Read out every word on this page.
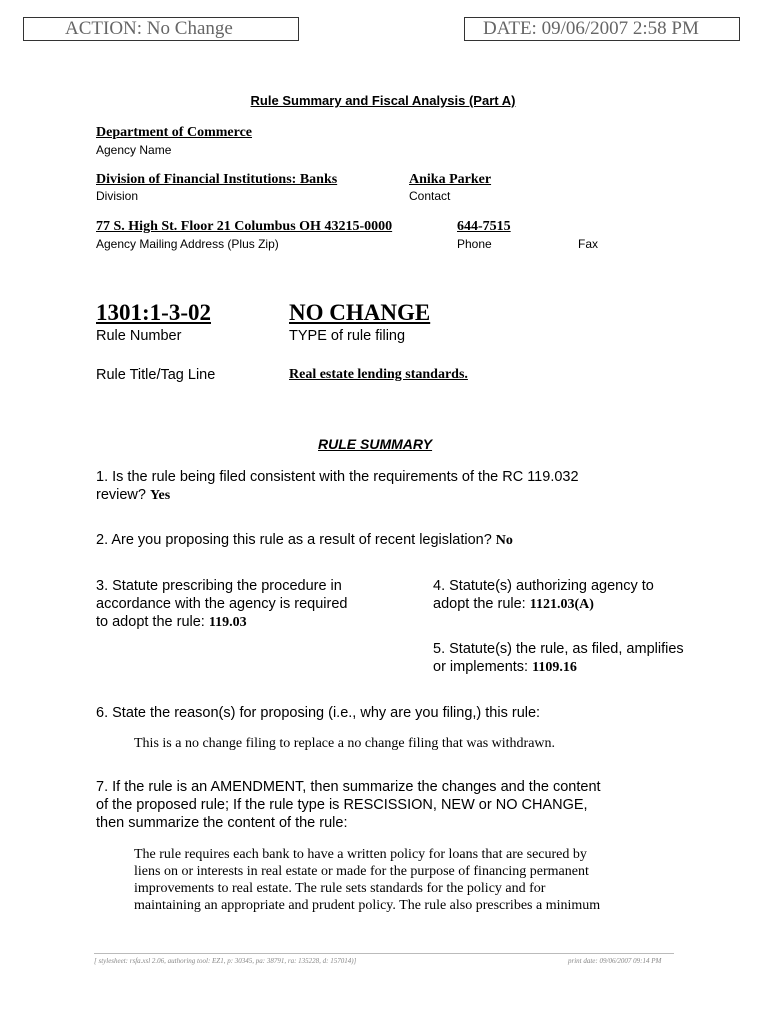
ACTION: No Change	DATE: 09/06/2007 2:58 PM
Rule Summary and Fiscal Analysis (Part A)
Department of Commerce
Agency Name
Division of Financial Institutions: Banks
Division
Anika Parker
Contact
77 S. High St. Floor 21 Columbus OH 43215-0000
Agency Mailing Address (Plus Zip)
644-7515
Phone	Fax
1301:1-3-02
Rule Number
NO CHANGE
TYPE of rule filing
Rule Title/Tag Line	Real estate lending standards.
RULE SUMMARY
1. Is the rule being filed consistent with the requirements of the RC 119.032
review? Yes
2. Are you proposing this rule as a result of recent legislation? No
3. Statute prescribing the procedure in
accordance with the agency is required
to adopt the rule: 119.03
4. Statute(s) authorizing agency to
adopt the rule: 1121.03(A)
5. Statute(s) the rule, as filed, amplifies
or implements: 1109.16
6. State the reason(s) for proposing (i.e., why are you filing,) this rule:
This is a no change filing to replace a no change filing that was withdrawn.
7. If the rule is an AMENDMENT, then summarize the changes and the content
of the proposed rule; If the rule type is RESCISSION, NEW or NO CHANGE,
then summarize the content of the rule:
The rule requires each bank to have a written policy for loans that are secured by
liens on or interests in real estate or made for the purpose of financing permanent
improvements to real estate. The rule sets standards for the policy and for
maintaining an appropriate and prudent policy. The rule also prescribes a minimum
[ stylesheet: rsfa.xsl 2.06, authoring tool: EZ1, p: 30345, pa: 38791, ra: 135228, d: 157014)]	print date: 09/06/2007 09:14 PM
